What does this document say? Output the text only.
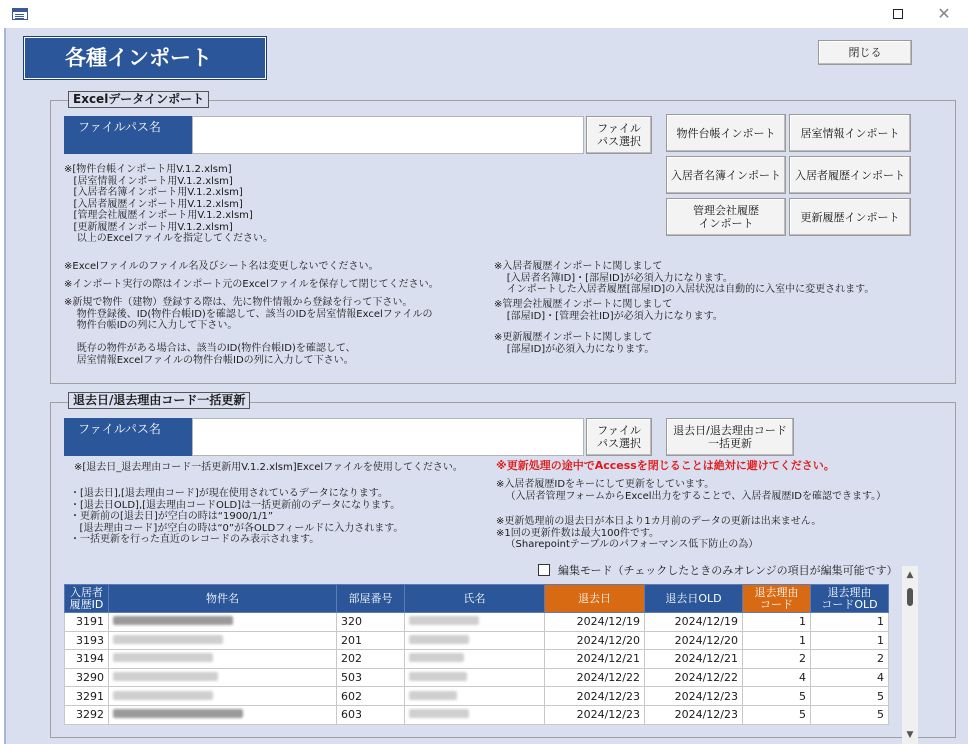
✕
各種インポート	閉じる
Excelデータインポート
ファイルパス名	ファイル
パス選択
物件台帳インポート	居室情報インポート
入居者名簿インポート	入居者履歴インポート
管理会社履歴
インポート	更新履歴インポート
※[物件台帳インポート用V.1.2.xlsm]
[居室情報インポート用V.1.2.xlsm]
[入居者名簿インポート用V.1.2.xlsm]
[入居者履歴インポート用V.1.2.xlsm]
[管理会社履歴インポート用V.1.2.xlsm]
[更新履歴インポート用V.1.2.xlsm]
以上のExcelファイルを指定してください。
※Excelファイルのファイル名及びシート名は変更しないでください。
※インポート実行の際はインポート元のExcelファイルを保存して閉じてください。
※新規で物件（建物）登録する際は、先に物件情報から登録を行って下さい。
物件登録後、ID(物件台帳ID)を確認して、該当のIDを居室情報Excelファイルの
物件台帳IDの列に入力して下さい。

既存の物件がある場合は、該当のID(物件台帳ID)を確認して、
居室情報Excelファイルの物件台帳IDの列に入力して下さい。
※入居者履歴インポートに関しまして
[入居者名簿ID]・[部屋ID]が必須入力になります。
インポートした入居者履歴[部屋ID]の入居状況は自動的に入室中に変更されます。
※管理会社履歴インポートに関しまして
[部屋ID]・[管理会社ID]が必須入力になります。
※更新履歴インポートに関しまして
[部屋ID]が必須入力になります。
退去日/退去理由コード一括更新
ファイルパス名	ファイル
パス選択
退去日/退去理由コード
一括更新
※[退去日_退去理由コード一括更新用V.1.2.xlsm]Excelファイルを使用してください。	※更新処理の途中でAccessを閉じることは絶対に避けてください。
・[退去日],[退去理由コード]が現在使用されているデータになります。
・[退去日OLD],[退去理由コードOLD]は一括更新前のデータになります。
・更新前の[退去日]が空白の時は“1900/1/1”
[退去理由コード]が空白の時は“0”が各OLDフィールドに入力されます。
・一括更新を行った直近のレコードのみ表示されます。
※入居者履歴IDをキーにして更新をしています。
（入居者管理フォームからExcel出力をすることで、入居者履歴IDを確認できます。）
※更新処理前の退去日が本日より1カ月前のデータの更新は出来ません。
※1回の更新件数は最大100件です。
（Sharepointテーブルのパフォーマンス低下防止の為）
編集モード（チェックしたときのみオレンジの項目が編集可能です）
入居者
履歴ID	物件名	部屋番号	氏名	退去日	退去日OLD	退去理由
コード	退去理由
コードOLD
3191		320		2024/12/19	2024/12/19	1	1
3193		201		2024/12/20	2024/12/20	1	1
3194		202		2024/12/21	2024/12/21	2	2
3290		503		2024/12/22	2024/12/22	4	4
3291		602		2024/12/23	2024/12/23	5	5
3292		603		2024/12/23	2024/12/23	5	5
▲
▼
